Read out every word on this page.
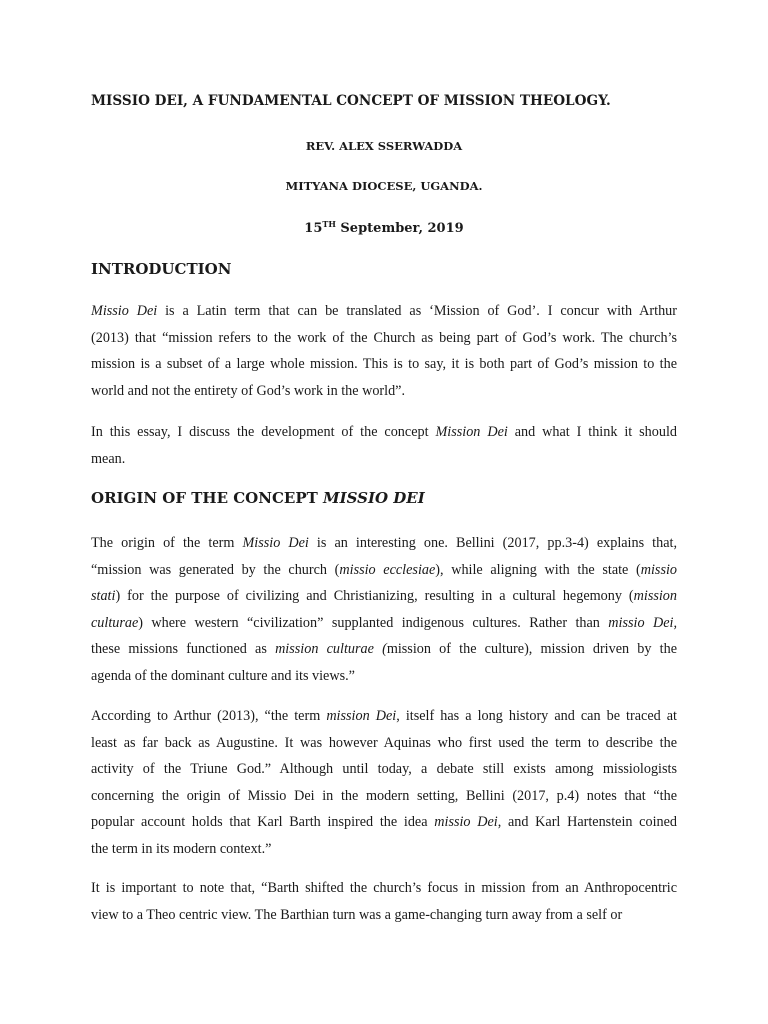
MISSIO DEI, A FUNDAMENTAL CONCEPT OF MISSION THEOLOGY.

REV. ALEX SSERWADDA

MITYANA DIOCESE, UGANDA.

15TH September, 2019

INTRODUCTION
Missio Dei is a Latin term that can be translated as ‘Mission of God’. I concur with Arthur
(2013) that “mission refers to the work of the Church as being part of God’s work. The church’s
mission is a subset of a large whole mission. This is to say, it is both part of God’s mission to the
world and not the entirety of God’s work in the world”.
In this essay, I discuss the development of the concept Mission Dei and what I think it should
mean.
ORIGIN OF THE CONCEPT MISSIO DEI
The origin of the term Missio Dei is an interesting one. Bellini (2017, pp.3-4) explains that,
“mission was generated by the church (missio ecclesiae), while aligning with the state (missio
stati) for the purpose of civilizing and Christianizing, resulting in a cultural hegemony (mission
culturae) where western “civilization” supplanted indigenous cultures. Rather than missio Dei,
these missions functioned as mission culturae (mission of the culture), mission driven by the
agenda of the dominant culture and its views.”
According to Arthur (2013), “the term mission Dei, itself has a long history and can be traced at
least as far back as Augustine. It was however Aquinas who first used the term to describe the
activity of the Triune God.” Although until today, a debate still exists among missiologists
concerning the origin of Missio Dei in the modern setting, Bellini (2017, p.4) notes that “the
popular account holds that Karl Barth inspired the idea missio Dei, and Karl Hartenstein coined
the term in its modern context.”
It is important to note that, “Barth shifted the church’s focus in mission from an Anthropocentric
view to a Theo centric view. The Barthian turn was a game-changing turn away from a self or
